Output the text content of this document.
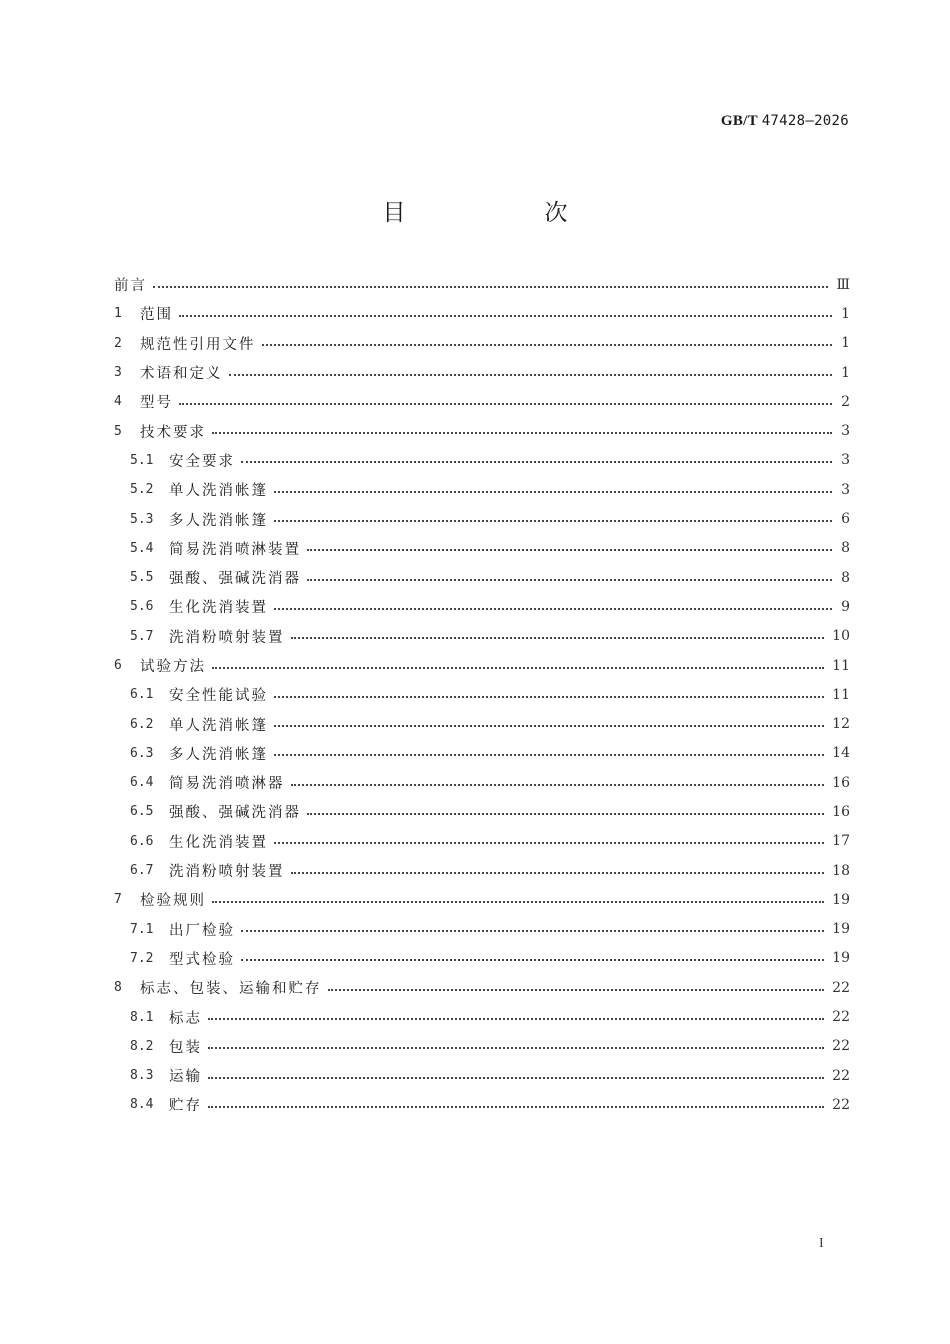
GB/T 47428—2026
目　次
前言	Ⅲ
1	范围	1
2	规范性引用文件	1
3	术语和定义	1
4	型号	2
5	技术要求	3
5.1	安全要求	3
5.2	单人洗消帐篷	3
5.3	多人洗消帐篷	6
5.4	简易洗消喷淋装置	8
5.5	强酸、强碱洗消器	8
5.6	生化洗消装置	9
5.7	洗消粉喷射装置	10
6	试验方法	11
6.1	安全性能试验	11
6.2	单人洗消帐篷	12
6.3	多人洗消帐篷	14
6.4	简易洗消喷淋器	16
6.5	强酸、强碱洗消器	16
6.6	生化洗消装置	17
6.7	洗消粉喷射装置	18
7	检验规则	19
7.1	出厂检验	19
7.2	型式检验	19
8	标志、包装、运输和贮存	22
8.1	标志	22
8.2	包装	22
8.3	运输	22
8.4	贮存	22
I
